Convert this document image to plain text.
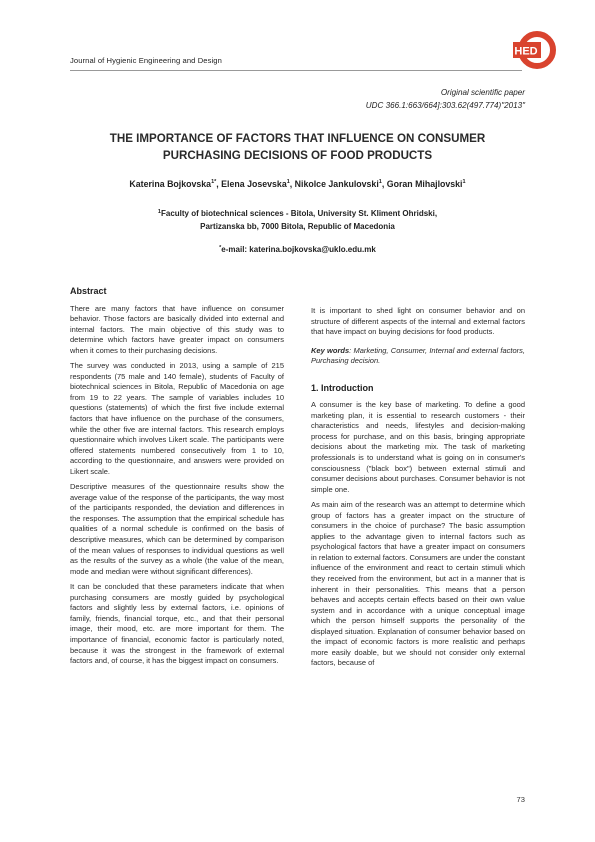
Journal of Hygienic Engineering and Design
HED
Original scientific paper
UDC 366.1:663/664]:303.62(497.774)"2013"
THE IMPORTANCE OF FACTORS THAT INFLUENCE ON CONSUMER PURCHASING DECISIONS OF FOOD PRODUCTS
Katerina Bojkovska$^{1*}$, Elena Josevska$^1$, Nikolce Jankulovski$^1$, Goran Mihajlovski$^1$
$^1$Faculty of biotechnical sciences - Bitola, University St. Kliment Ohridski,
Partizanska bb, 7000 Bitola, Republic of Macedonia
*e-mail: katerina.bojkovska@uklo.edu.mk
Abstract

There are many factors that have influence on consumer behavior. Those factors are basically divided into external and internal factors. The main objective of this study was to determine which factors have greater impact on consumers when it comes to their purchasing decisions.

The survey was conducted in 2013, using a sample of 215 respondents (75 male and 140 female), students of Faculty of biotechnical sciences in Bitola, Republic of Macedonia on age from 19 to 22 years. The sample of variables includes 10 questions (statements) of which the first five include external factors that have influence on the purchase of the consumers, while the other five are internal factors. This research employs questionnaire which involves Likert scale. The participants were offered statements numbered consecutively from 1 to 10, according to the questionnaire, and answers were provided on Likert scale.

Descriptive measures of the questionnaire results show the average value of the response of the participants, the way most of the participants responded, the deviation and differences in the responses. The assumption that the empirical schedule has qualities of a normal schedule is confirmed on the basis of descriptive measures, which can be determined by comparison of the mean values of responses to individual questions as well as the results of the survey as a whole (the value of the mean, mode and median were without significant differences).

It can be concluded that these parameters indicate that when purchasing consumers are mostly guided by psychological factors and slightly less by external factors, i.e. opinions of family, friends, financial torque, etc., and that their personal image, their mood, etc. are more important for them. The importance of financial, economic factor is particularly noted, because it was the strongest in the framework of external factors and, of course, it has the biggest impact on consumers.

It is important to shed light on consumer behavior and on structure of different aspects of the internal and external factors that have impact on buying decisions for food products.

Key words: Marketing, Consumer, Internal and external factors, Purchasing decision.

1. Introduction

A consumer is the key base of marketing. To define a good marketing plan, it is essential to research customers - their characteristics and needs, lifestyles and decision-making process for purchase, and on this basis, bringing appropriate decisions about the marketing mix. The task of marketing professionals is to understand what is going on in consumer's consciousness ("black box") between external stimuli and consumer decisions about purchases. Consumer behavior is not simple one.

As main aim of the research was an attempt to determine which group of factors has a greater impact on the structure of consumers in the choice of purchase? The basic assumption applies to the advantage given to internal factors such as psychological factors that have a greater impact on consumers in relation to external factors. Consumers are under the constant influence of the environment and react to certain stimuli which they received from the environment, but act in a manner that is inherent in their personalities. This means that a person behaves and accepts certain effects based on their own value system and in accordance with a unique conceptual image which the person himself supports the personality of the displayed situation. Explanation of consumer behavior based on the impact of economic factors is more realistic and perhaps more easily doable, but we should not consider only external factors, because of

73
